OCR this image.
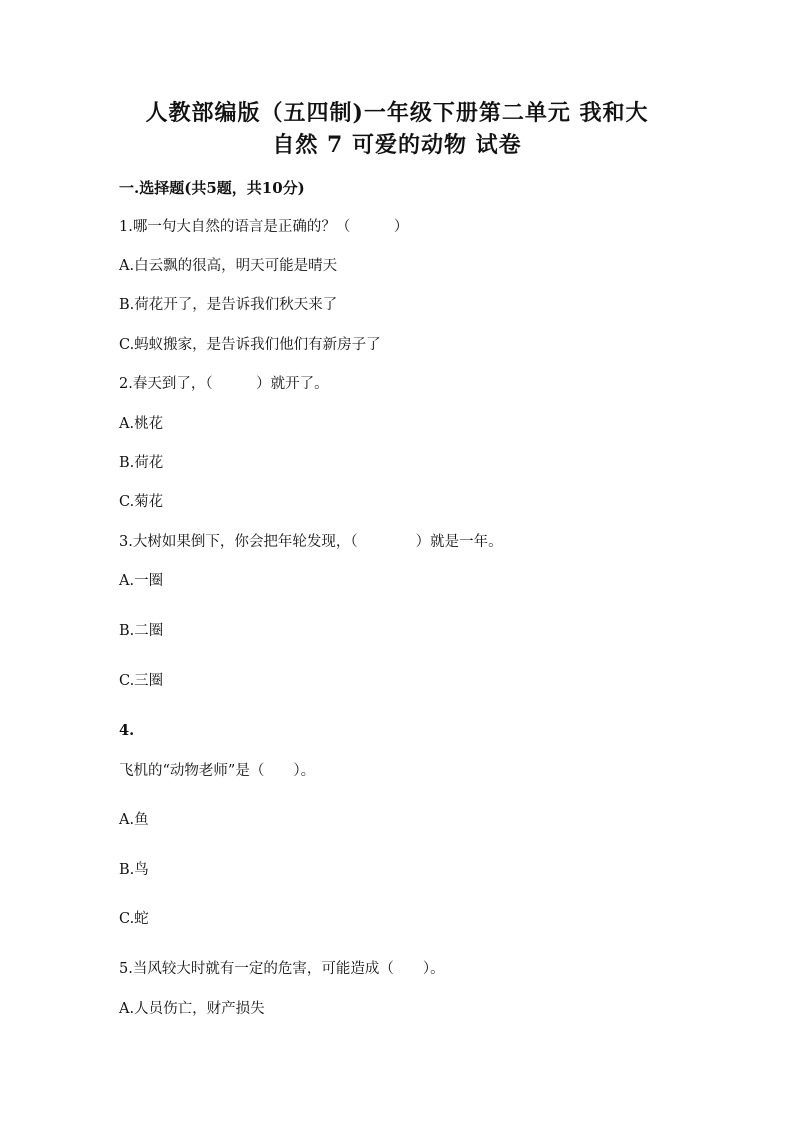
人教部编版（五四制)一年级下册第二单元 我和大
自然 7 可爱的动物 试卷
一.选择题(共5题，共10分)
1.哪一句大自然的语言是正确的？（　　　）
A.白云飘的很高，明天可能是晴天
B.荷花开了，是告诉我们秋天来了
C.蚂蚁搬家，是告诉我们他们有新房子了
2.春天到了，（　　　）就开了。
A.桃花
B.荷花
C.菊花
3.大树如果倒下，你会把年轮发现，（　　　　）就是一年。
A.一圈
B.二圈
C.三圈
4.
飞机的“动物老师”是（　　）。
A.鱼
B.鸟
C.蛇
5.当风较大时就有一定的危害，可能造成（　　）。
A.人员伤亡，财产损失
